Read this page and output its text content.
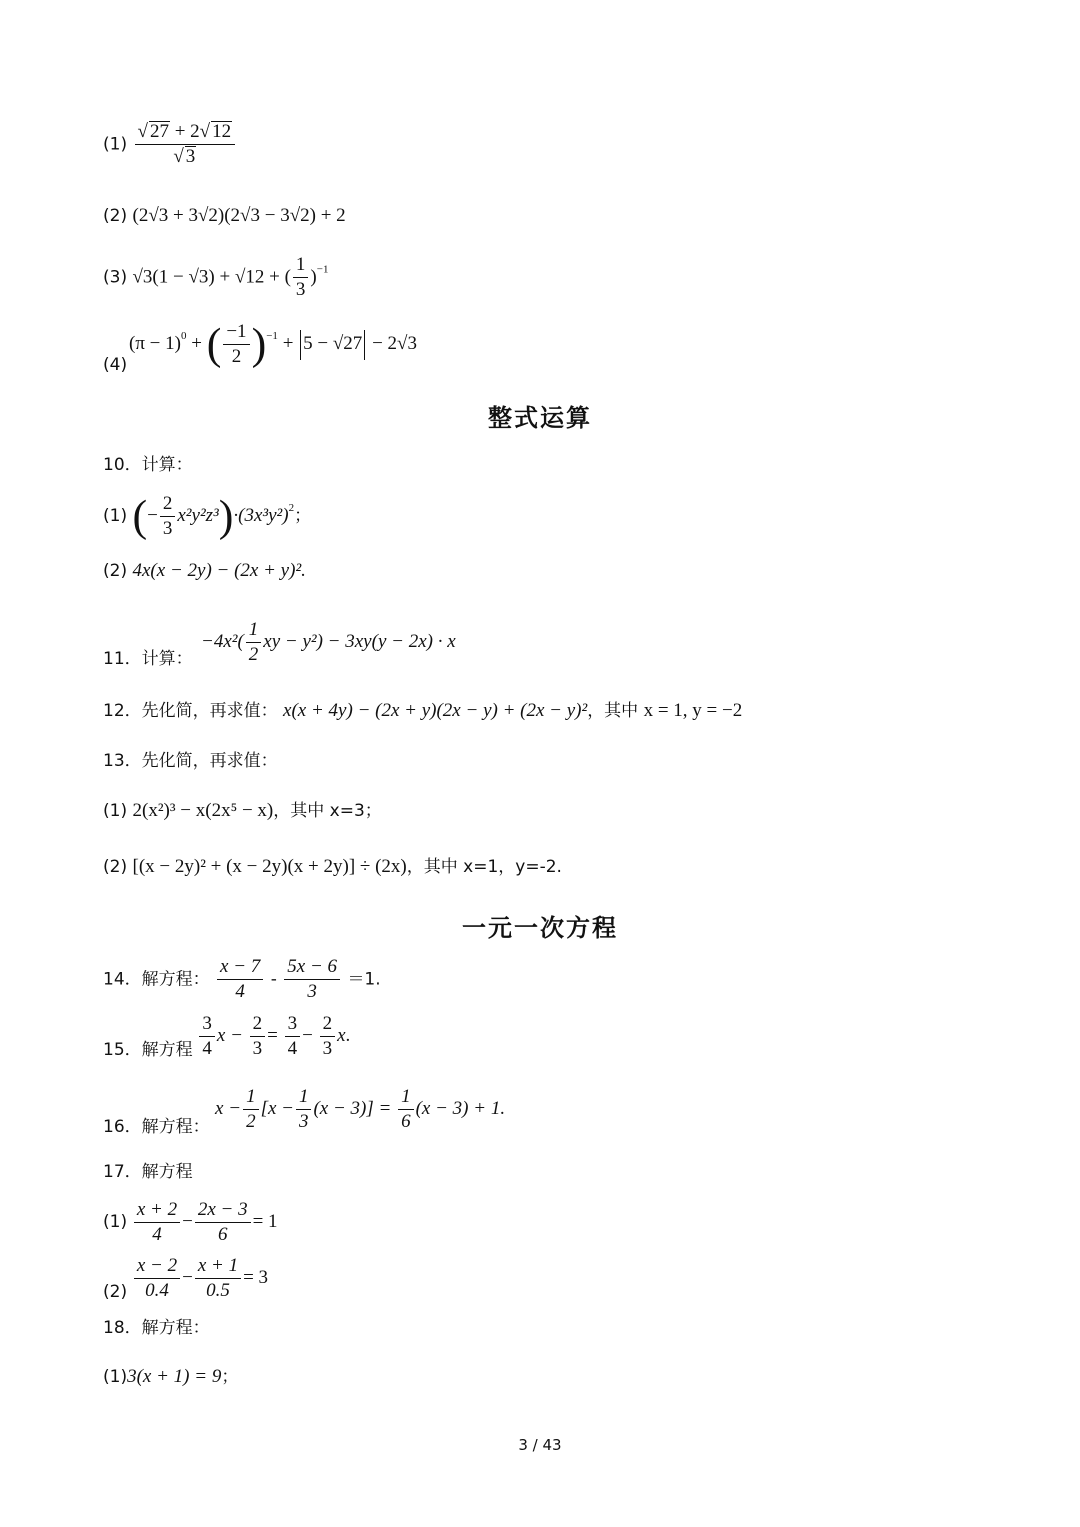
$(1) \frac{√ 27 + 2√ 12}{√ 3}$
(2) (2√3 + 3√2)(2√3 − 3√2) + 2
(3) √3(1 − √3) + √12 + ( $\frac{1}{3} )^{-1}$
(4)
$(\pi - 1)^0$ + ( $\frac{-1}{2} )^{-1} + 5 - √27 - 2√3$
整式运算
10．计算：
(1) (− $\frac{2}{3} x^2y^2z^3)\cdot(3x^3y^2)^2$；
(2) 4x(x − 2y) − (2x + y)².
11．计算：
$-4x^2( \frac{1}{2}$ xy − y²) − 3xy(y − 2x) · x
12．先化简，再求值： x(x + 4y) − (2x + y)(2x − y) + (2x − y)²，其中 x = 1, y = −2
13．先化简，再求值：
(1) 2(x²)³ − x(2x⁵ − x)，其中 x=3；
(2) [(x − 2y)² + (x − 2y)(x + 2y)] ÷ (2x)，其中 x=1，y=-2.
一元一次方程
14．解方程： $\frac{x - 7}{4} - \frac{5x - 6}{3} =1$.
15．解方程 $\frac{3}{4}$ $x - \frac{2}{3} = \frac{3}{4} - \frac{2}{3} x$.
16．解方程： $x - \frac{1}{2} [x - \frac{1}{3} (x - 3)] = \frac{1}{6} (x - 3) + 1$.
17．解方程
$(1) \frac{x + 2}{4} - \frac{2x - 3}{6} = 1$
$(2) \frac{x - 2}{0.4} - \frac{x + 1}{0.5} = 3$
18．解方程：
(1)3(x + 1) = 9；
3 / 43
